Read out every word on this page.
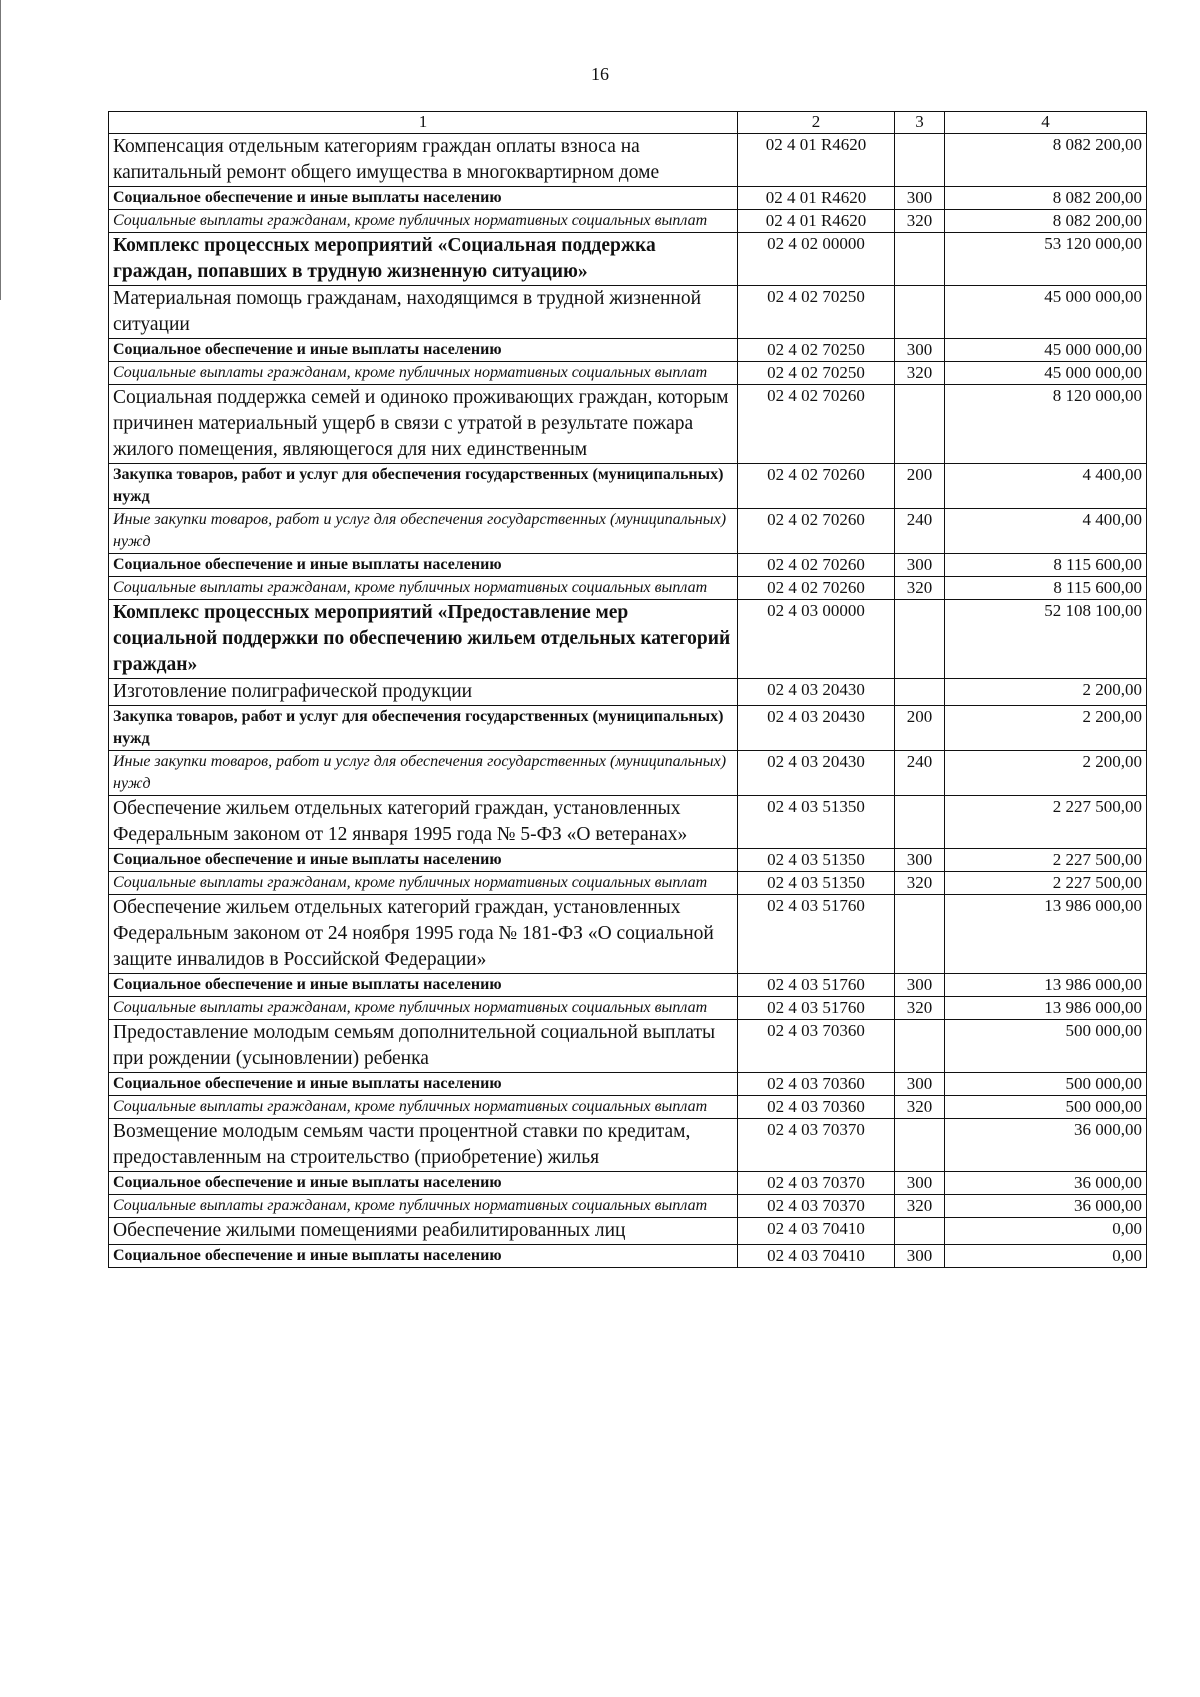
16
1	2	3	4
Компенсация отдельным категориям граждан оплаты взноса на капитальный ремонт общего имущества в многоквартирном доме	02 4 01 R4620		8 082 200,00
Социальное обеспечение и иные выплаты населению	02 4 01 R4620	300	8 082 200,00
Социальные выплаты гражданам, кроме публичных нормативных социальных выплат	02 4 01 R4620	320	8 082 200,00
Комплекс процессных мероприятий «Социальная поддержка граждан, попавших в трудную жизненную ситуацию»	02 4 02 00000		53 120 000,00
Материальная помощь гражданам, находящимся в трудной жизненной ситуации	02 4 02 70250		45 000 000,00
Социальное обеспечение и иные выплаты населению	02 4 02 70250	300	45 000 000,00
Социальные выплаты гражданам, кроме публичных нормативных социальных выплат	02 4 02 70250	320	45 000 000,00
Социальная поддержка семей и одиноко проживающих граждан, которым причинен материальный ущерб в связи с утратой в результате пожара жилого помещения, являющегося для них единственным	02 4 02 70260		8 120 000,00
Закупка товаров, работ и услуг для обеспечения государственных (муниципальных) нужд	02 4 02 70260	200	4 400,00
Иные закупки товаров, работ и услуг для обеспечения государственных (муниципальных) нужд	02 4 02 70260	240	4 400,00
Социальное обеспечение и иные выплаты населению	02 4 02 70260	300	8 115 600,00
Социальные выплаты гражданам, кроме публичных нормативных социальных выплат	02 4 02 70260	320	8 115 600,00
Комплекс процессных мероприятий «Предоставление мер социальной поддержки по обеспечению жильем отдельных категорий граждан»	02 4 03 00000		52 108 100,00
Изготовление полиграфической продукции	02 4 03 20430		2 200,00
Закупка товаров, работ и услуг для обеспечения государственных (муниципальных) нужд	02 4 03 20430	200	2 200,00
Иные закупки товаров, работ и услуг для обеспечения государственных (муниципальных) нужд	02 4 03 20430	240	2 200,00
Обеспечение жильем отдельных категорий граждан, установленных Федеральным законом от 12 января 1995 года № 5-ФЗ «О ветеранах»	02 4 03 51350		2 227 500,00
Социальное обеспечение и иные выплаты населению	02 4 03 51350	300	2 227 500,00
Социальные выплаты гражданам, кроме публичных нормативных социальных выплат	02 4 03 51350	320	2 227 500,00
Обеспечение жильем отдельных категорий граждан, установленных Федеральным законом от 24 ноября 1995 года № 181-ФЗ «О социальной защите инвалидов в Российской Федерации»	02 4 03 51760		13 986 000,00
Социальное обеспечение и иные выплаты населению	02 4 03 51760	300	13 986 000,00
Социальные выплаты гражданам, кроме публичных нормативных социальных выплат	02 4 03 51760	320	13 986 000,00
Предоставление молодым семьям дополнительной социальной выплаты при рождении (усыновлении) ребенка	02 4 03 70360		500 000,00
Социальное обеспечение и иные выплаты населению	02 4 03 70360	300	500 000,00
Социальные выплаты гражданам, кроме публичных нормативных социальных выплат	02 4 03 70360	320	500 000,00
Возмещение молодым семьям части процентной ставки по кредитам, предоставленным на строительство (приобретение) жилья	02 4 03 70370		36 000,00
Социальное обеспечение и иные выплаты населению	02 4 03 70370	300	36 000,00
Социальные выплаты гражданам, кроме публичных нормативных социальных выплат	02 4 03 70370	320	36 000,00
Обеспечение жилыми помещениями реабилитированных лиц	02 4 03 70410		0,00
Социальное обеспечение и иные выплаты населению	02 4 03 70410	300	0,00
